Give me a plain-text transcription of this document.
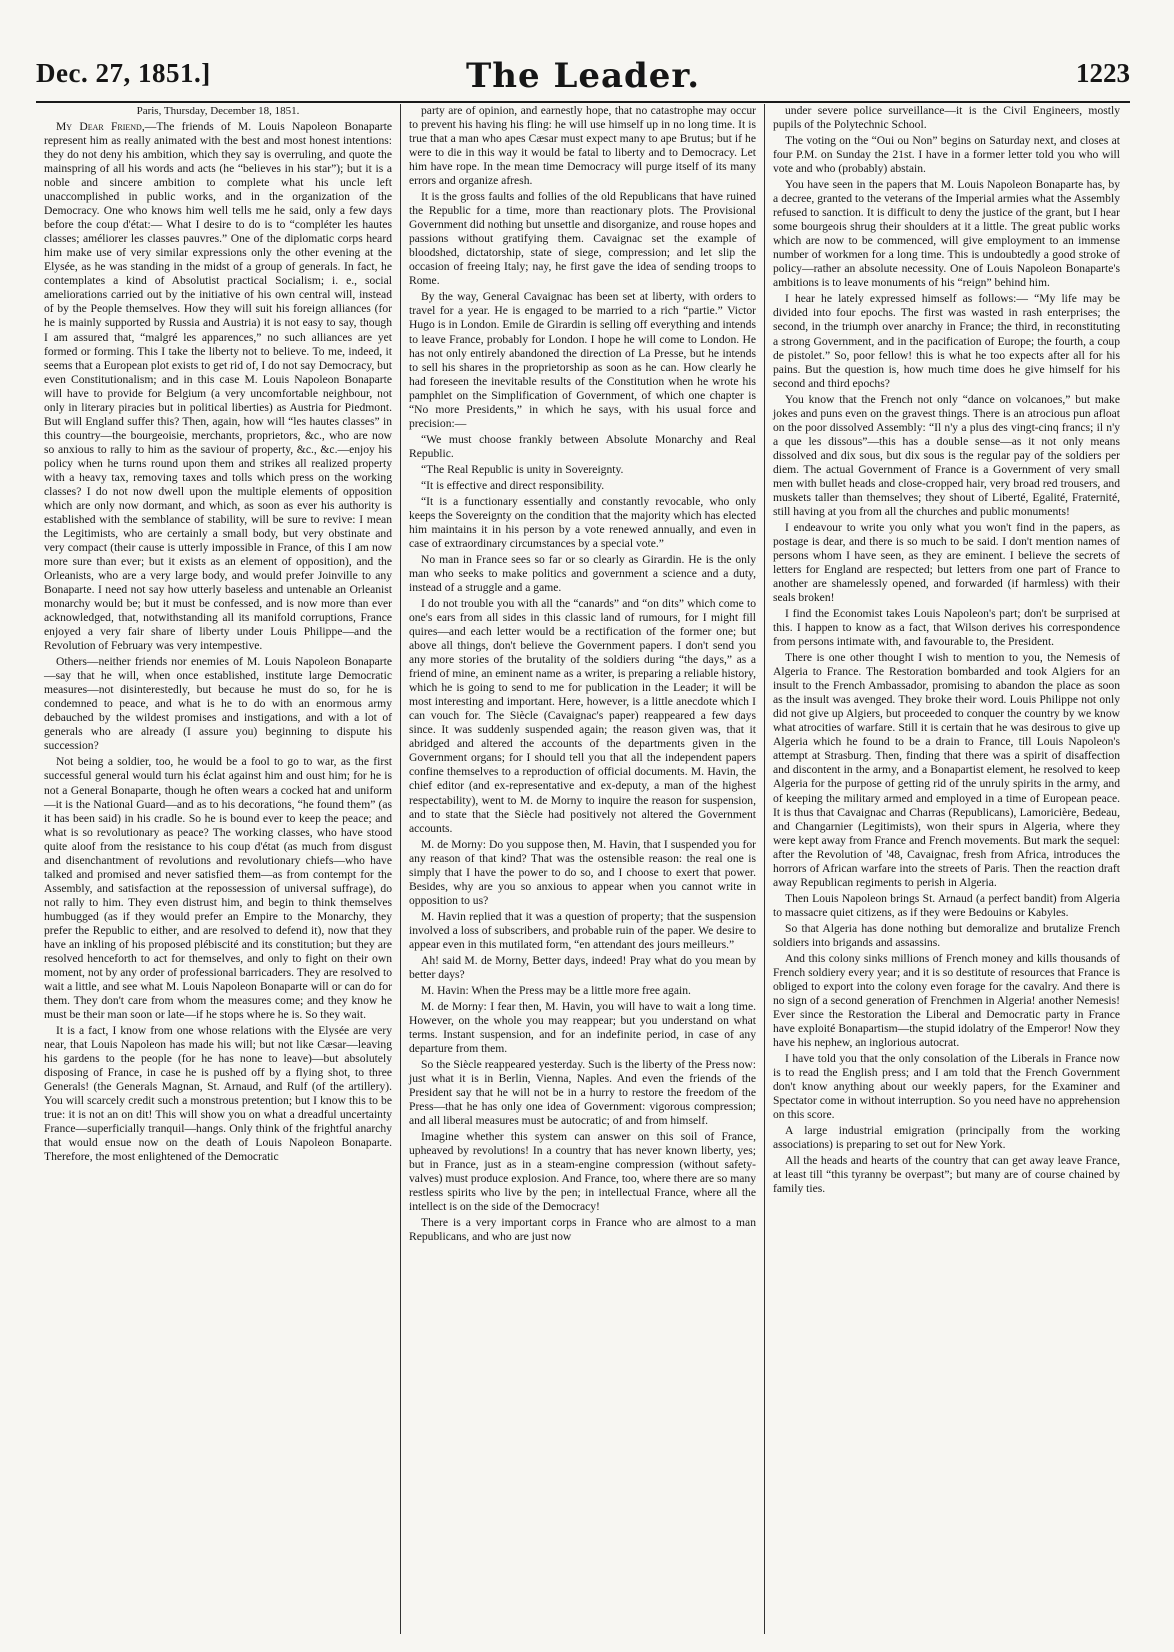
Dec. 27, 1851.]	The Leader.	1223

Paris, Thursday, December 18, 1851.

My Dear Friend,—The friends of M. Louis Napoleon Bonaparte represent him as really animated with the best and most honest intentions: they do not deny his ambition, which they say is overruling, and quote the mainspring of all his words and acts (he “believes in his star”); but it is a noble and sincere ambition to complete what his uncle left unaccomplished in public works, and in the organization of the Democracy. One who knows him well tells me he said, only a few days before the coup d'état:— What I desire to do is to “compléter les hautes classes; améliorer les classes pauvres.” One of the diplomatic corps heard him make use of very similar expressions only the other evening at the Elysée, as he was standing in the midst of a group of generals. In fact, he contemplates a kind of Absolutist practical Socialism; i. e., social ameliorations carried out by the initiative of his own central will, instead of by the People themselves. How they will suit his foreign alliances (for he is mainly supported by Russia and Austria) it is not easy to say, though I am assured that, “malgré les apparences,” no such alliances are yet formed or forming. This I take the liberty not to believe. To me, indeed, it seems that a European plot exists to get rid of, I do not say Democracy, but even Constitutionalism; and in this case M. Louis Napoleon Bonaparte will have to provide for Belgium (a very uncomfortable neighbour, not only in literary piracies but in political liberties) as Austria for Piedmont. But will England suffer this? Then, again, how will “les hautes classes” in this country—the bourgeoisie, merchants, proprietors, &c., who are now so anxious to rally to him as the saviour of property, &c., &c.—enjoy his policy when he turns round upon them and strikes all realized property with a heavy tax, removing taxes and tolls which press on the working classes? I do not now dwell upon the multiple elements of opposition which are only now dormant, and which, as soon as ever his authority is established with the semblance of stability, will be sure to revive: I mean the Legitimists, who are certainly a small body, but very obstinate and very compact (their cause is utterly impossible in France, of this I am now more sure than ever; but it exists as an element of opposition), and the Orleanists, who are a very large body, and would prefer Joinville to any Bonaparte. I need not say how utterly baseless and untenable an Orleanist monarchy would be; but it must be confessed, and is now more than ever acknowledged, that, notwithstanding all its manifold corruptions, France enjoyed a very fair share of liberty under Louis Philippe—and the Revolution of February was very intempestive.

Others—neither friends nor enemies of M. Louis Napoleon Bonaparte—say that he will, when once established, institute large Democratic measures—not disinterestedly, but because he must do so, for he is condemned to peace, and what is he to do with an enormous army debauched by the wildest promises and instigations, and with a lot of generals who are already (I assure you) beginning to dispute his succession?

Not being a soldier, too, he would be a fool to go to war, as the first successful general would turn his éclat against him and oust him; for he is not a General Bonaparte, though he often wears a cocked hat and uniform—it is the National Guard—and as to his decorations, “he found them” (as it has been said) in his cradle. So he is bound ever to keep the peace; and what is so revolutionary as peace? The working classes, who have stood quite aloof from the resistance to his coup d'état (as much from disgust and disenchantment of revolutions and revolutionary chiefs—who have talked and promised and never satisfied them—as from contempt for the Assembly, and satisfaction at the repossession of universal suffrage), do not rally to him. They even distrust him, and begin to think themselves humbugged (as if they would prefer an Empire to the Monarchy, they prefer the Republic to either, and are resolved to defend it), now that they have an inkling of his proposed plébiscité and its constitution; but they are resolved henceforth to act for themselves, and only to fight on their own moment, not by any order of professional barricaders. They are resolved to wait a little, and see what M. Louis Napoleon Bonaparte will or can do for them. They don't care from whom the measures come; and they know he must be their man soon or late—if he stops where he is. So they wait.

It is a fact, I know from one whose relations with the Elysée are very near, that Louis Napoleon has made his will; but not like Cæsar—leaving his gardens to the people (for he has none to leave)—but absolutely disposing of France, in case he is pushed off by a flying shot, to three Generals! (the Generals Magnan, St. Arnaud, and Rulf (of the artillery). You will scarcely credit such a monstrous pretention; but I know this to be true: it is not an on dit! This will show you on what a dreadful uncertainty France—superficially tranquil—hangs. Only think of the frightful anarchy that would ensue now on the death of Louis Napoleon Bonaparte. Therefore, the most enlightened of the Democratic

party are of opinion, and earnestly hope, that no catastrophe may occur to prevent his having his fling: he will use himself up in no long time. It is true that a man who apes Cæsar must expect many to ape Brutus; but if he were to die in this way it would be fatal to liberty and to Democracy. Let him have rope. In the mean time Democracy will purge itself of its many errors and organize afresh.

It is the gross faults and follies of the old Republicans that have ruined the Republic for a time, more than reactionary plots. The Provisional Government did nothing but unsettle and disorganize, and rouse hopes and passions without gratifying them. Cavaignac set the example of bloodshed, dictatorship, state of siege, compression; and let slip the occasion of freeing Italy; nay, he first gave the idea of sending troops to Rome.

By the way, General Cavaignac has been set at liberty, with orders to travel for a year. He is engaged to be married to a rich “partie.” Victor Hugo is in London. Emile de Girardin is selling off everything and intends to leave France, probably for London. I hope he will come to London. He has not only entirely abandoned the direction of La Presse, but he intends to sell his shares in the proprietorship as soon as he can. How clearly he had foreseen the inevitable results of the Constitution when he wrote his pamphlet on the Simplification of Government, of which one chapter is “No more Presidents,” in which he says, with his usual force and precision:—

“We must choose frankly between Absolute Monarchy and Real Republic.

“The Real Republic is unity in Sovereignty.

“It is effective and direct responsibility.

“It is a functionary essentially and constantly revocable, who only keeps the Sovereignty on the condition that the majority which has elected him maintains it in his person by a vote renewed annually, and even in case of extraordinary circumstances by a special vote.”

No man in France sees so far or so clearly as Girardin. He is the only man who seeks to make politics and government a science and a duty, instead of a struggle and a game.

I do not trouble you with all the “canards” and “on dits” which come to one's ears from all sides in this classic land of rumours, for I might fill quires—and each letter would be a rectification of the former one; but above all things, don't believe the Government papers. I don't send you any more stories of the brutality of the soldiers during “the days,” as a friend of mine, an eminent name as a writer, is preparing a reliable history, which he is going to send to me for publication in the Leader; it will be most interesting and important. Here, however, is a little anecdote which I can vouch for. The Siècle (Cavaignac's paper) reappeared a few days since. It was suddenly suspended again; the reason given was, that it abridged and altered the accounts of the departments given in the Government organs; for I should tell you that all the independent papers confine themselves to a reproduction of official documents. M. Havin, the chief editor (and ex-representative and ex-deputy, a man of the highest respectability), went to M. de Morny to inquire the reason for suspension, and to state that the Siècle had positively not altered the Government accounts.

M. de Morny: Do you suppose then, M. Havin, that I suspended you for any reason of that kind? That was the ostensible reason: the real one is simply that I have the power to do so, and I choose to exert that power. Besides, why are you so anxious to appear when you cannot write in opposition to us?

M. Havin replied that it was a question of property; that the suspension involved a loss of subscribers, and probable ruin of the paper. We desire to appear even in this mutilated form, “en attendant des jours meilleurs.”

Ah! said M. de Morny, Better days, indeed! Pray what do you mean by better days?

M. Havin: When the Press may be a little more free again.

M. de Morny: I fear then, M. Havin, you will have to wait a long time. However, on the whole you may reappear; but you understand on what terms. Instant suspension, and for an indefinite period, in case of any departure from them.

So the Siècle reappeared yesterday. Such is the liberty of the Press now: just what it is in Berlin, Vienna, Naples. And even the friends of the President say that he will not be in a hurry to restore the freedom of the Press—that he has only one idea of Government: vigorous compression; and all liberal measures must be autocratic; of and from himself.

Imagine whether this system can answer on this soil of France, upheaved by revolutions! In a country that has never known liberty, yes; but in France, just as in a steam-engine compression (without safety-valves) must produce explosion. And France, too, where there are so many restless spirits who live by the pen; in intellectual France, where all the intellect is on the side of the Democracy!

There is a very important corps in France who are almost to a man Republicans, and who are just now

under severe police surveillance—it is the Civil Engineers, mostly pupils of the Polytechnic School.

The voting on the “Oui ou Non” begins on Saturday next, and closes at four P.M. on Sunday the 21st. I have in a former letter told you who will vote and who (probably) abstain.

You have seen in the papers that M. Louis Napoleon Bonaparte has, by a decree, granted to the veterans of the Imperial armies what the Assembly refused to sanction. It is difficult to deny the justice of the grant, but I hear some bourgeois shrug their shoulders at it a little. The great public works which are now to be commenced, will give employment to an immense number of workmen for a long time. This is undoubtedly a good stroke of policy—rather an absolute necessity. One of Louis Napoleon Bonaparte's ambitions is to leave monuments of his “reign” behind him.

I hear he lately expressed himself as follows:— “My life may be divided into four epochs. The first was wasted in rash enterprises; the second, in the triumph over anarchy in France; the third, in reconstituting a strong Government, and in the pacification of Europe; the fourth, a coup de pistolet.” So, poor fellow! this is what he too expects after all for his pains. But the question is, how much time does he give himself for his second and third epochs?

You know that the French not only “dance on volcanoes,” but make jokes and puns even on the gravest things. There is an atrocious pun afloat on the poor dissolved Assembly: “Il n'y a plus des vingt-cinq francs; il n'y a que les dissous”—this has a double sense—as it not only means dissolved and dix sous, but dix sous is the regular pay of the soldiers per diem. The actual Government of France is a Government of very small men with bullet heads and close-cropped hair, very broad red trousers, and muskets taller than themselves; they shout of Liberté, Egalité, Fraternité, still having at you from all the churches and public monuments!

I endeavour to write you only what you won't find in the papers, as postage is dear, and there is so much to be said. I don't mention names of persons whom I have seen, as they are eminent. I believe the secrets of letters for England are respected; but letters from one part of France to another are shamelessly opened, and forwarded (if harmless) with their seals broken!

I find the Economist takes Louis Napoleon's part; don't be surprised at this. I happen to know as a fact, that Wilson derives his correspondence from persons intimate with, and favourable to, the President.

There is one other thought I wish to mention to you, the Nemesis of Algeria to France. The Restoration bombarded and took Algiers for an insult to the French Ambassador, promising to abandon the place as soon as the insult was avenged. They broke their word. Louis Philippe not only did not give up Algiers, but proceeded to conquer the country by we know what atrocities of warfare. Still it is certain that he was desirous to give up Algeria which he found to be a drain to France, till Louis Napoleon's attempt at Strasburg. Then, finding that there was a spirit of disaffection and discontent in the army, and a Bonapartist element, he resolved to keep Algeria for the purpose of getting rid of the unruly spirits in the army, and of keeping the military armed and employed in a time of European peace. It is thus that Cavaignac and Charras (Republicans), Lamoricière, Bedeau, and Changarnier (Legitimists), won their spurs in Algeria, where they were kept away from France and French movements. But mark the sequel: after the Revolution of '48, Cavaignac, fresh from Africa, introduces the horrors of African warfare into the streets of Paris. Then the reaction draft away Republican regiments to perish in Algeria.

Then Louis Napoleon brings St. Arnaud (a perfect bandit) from Algeria to massacre quiet citizens, as if they were Bedouins or Kabyles.

So that Algeria has done nothing but demoralize and brutalize French soldiers into brigands and assassins.

And this colony sinks millions of French money and kills thousands of French soldiery every year; and it is so destitute of resources that France is obliged to export into the colony even forage for the cavalry. And there is no sign of a second generation of Frenchmen in Algeria! another Nemesis! Ever since the Restoration the Liberal and Democratic party in France have exploité Bonapartism—the stupid idolatry of the Emperor! Now they have his nephew, an inglorious autocrat.

I have told you that the only consolation of the Liberals in France now is to read the English press; and I am told that the French Government don't know anything about our weekly papers, for the Examiner and Spectator come in without interruption. So you need have no apprehension on this score.

A large industrial emigration (principally from the working associations) is preparing to set out for New York.

All the heads and hearts of the country that can get away leave France, at least till “this tyranny be overpast”; but many are of course chained by family ties.
